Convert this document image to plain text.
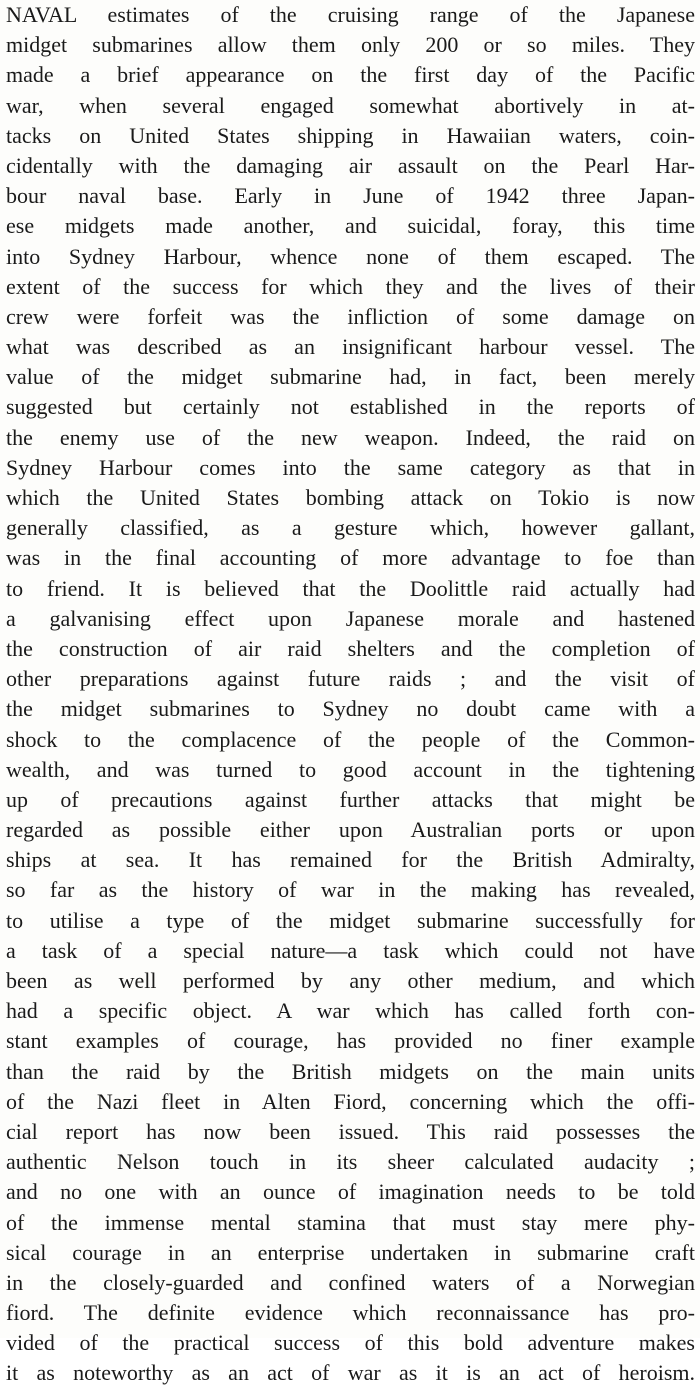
NAVAL estimates of the cruising range of the Japanese
midget submarines allow them only 200 or so miles. They
made a brief appearance on the first day of the Pacific
war, when several engaged somewhat abortively in at-
tacks on United States shipping in Hawaiian waters, coin-
cidentally with the damaging air assault on the Pearl Har-
bour naval base. Early in June of 1942 three Japan-
ese midgets made another, and suicidal, foray, this time
into Sydney Harbour, whence none of them escaped. The
extent of the success for which they and the lives of their
crew were forfeit was the infliction of some damage on
what was described as an insignificant harbour vessel. The
value of the midget submarine had, in fact, been merely
suggested but certainly not established in the reports of
the enemy use of the new weapon. Indeed, the raid on
Sydney Harbour comes into the same category as that in
which the United States bombing attack on Tokio is now
generally classified, as a gesture which, however gallant,
was in the final accounting of more advantage to foe than
to friend. It is believed that the Doolittle raid actually had
a galvanising effect upon Japanese morale and hastened
the construction of air raid shelters and the completion of
other preparations against future raids ; and the visit of
the midget submarines to Sydney no doubt came with a
shock to the complacence of the people of the Common-
wealth, and was turned to good account in the tightening
up of precautions against further attacks that might be
regarded as possible either upon Australian ports or upon
ships at sea. It has remained for the British Admiralty,
so far as the history of war in the making has revealed,
to utilise a type of the midget submarine successfully for
a task of a special nature—a task which could not have
been as well performed by any other medium, and which
had a specific object. A war which has called forth con-
stant examples of courage, has provided no finer example
than the raid by the British midgets on the main units
of the Nazi fleet in Alten Fiord, concerning which the offi-
cial report has now been issued. This raid possesses the
authentic Nelson touch in its sheer calculated audacity ;
and no one with an ounce of imagination needs to be told
of the immense mental stamina that must stay mere phy-
sical courage in an enterprise undertaken in submarine craft
in the closely-guarded and confined waters of a Norwegian
fiord. The definite evidence which reconnaissance has pro-
vided of the practical success of this bold adventure makes
it as noteworthy as an act of war as it is an act of heroism.
